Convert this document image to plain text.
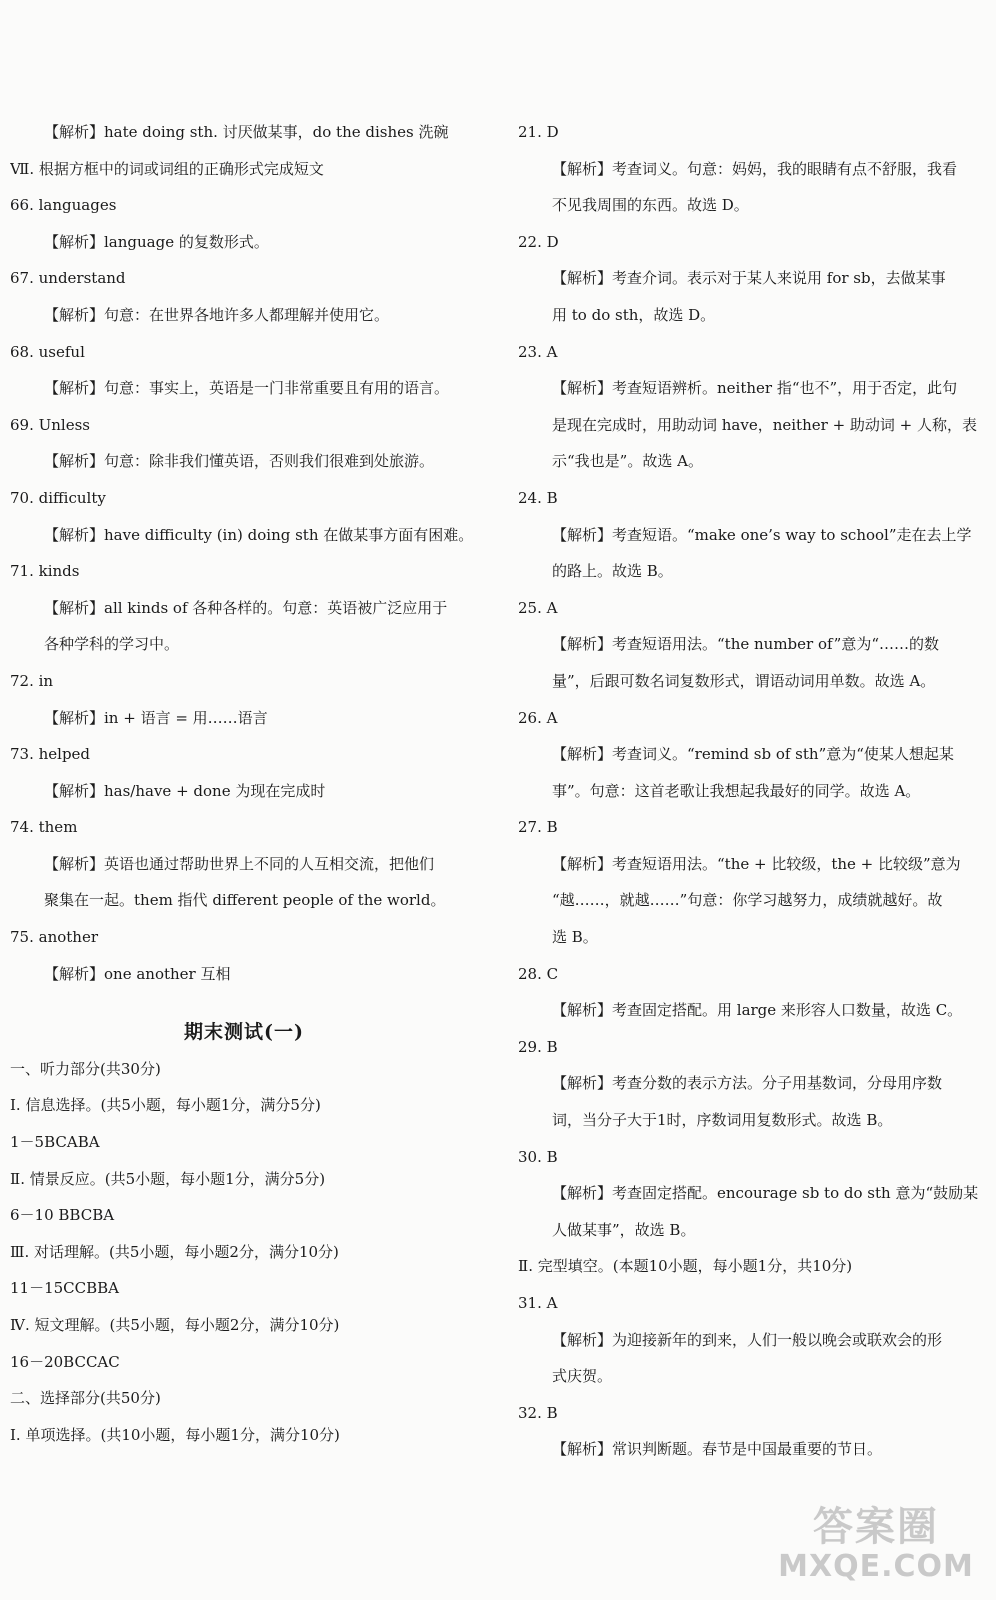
【解析】hate doing sth. 讨厌做某事，do the dishes 洗碗
Ⅶ. 根据方框中的词或词组的正确形式完成短文
66. languages
【解析】language 的复数形式。
67. understand
【解析】句意：在世界各地许多人都理解并使用它。
68. useful
【解析】句意：事实上，英语是一门非常重要且有用的语言。
69. Unless
【解析】句意：除非我们懂英语，否则我们很难到处旅游。
70. difficulty
【解析】have difficulty (in) doing sth 在做某事方面有困难。
71. kinds
【解析】all kinds of 各种各样的。句意：英语被广泛应用于
各种学科的学习中。
72. in
【解析】in + 语言 = 用……语言
73. helped
【解析】has/have + done 为现在完成时
74. them
【解析】英语也通过帮助世界上不同的人互相交流，把他们
聚集在一起。them 指代 different people of the world。
75. another
【解析】one another 互相
期末测试(一)
一、听力部分(共30分)
Ⅰ. 信息选择。(共5小题，每小题1分，满分5分)
1－5BCABA
Ⅱ. 情景反应。(共5小题，每小题1分，满分5分)
6－10 BBCBA
Ⅲ. 对话理解。(共5小题，每小题2分，满分10分)
11－15CCBBA
Ⅳ. 短文理解。(共5小题，每小题2分，满分10分)
16－20BCCAC
二、选择部分(共50分)
Ⅰ. 单项选择。(共10小题，每小题1分，满分10分)
21. D
【解析】考查词义。句意：妈妈，我的眼睛有点不舒服，我看
不见我周围的东西。故选 D。
22. D
【解析】考查介词。表示对于某人来说用 for sb，去做某事
用 to do sth，故选 D。
23. A
【解析】考查短语辨析。neither 指“也不”，用于否定，此句
是现在完成时，用助动词 have，neither + 助动词 + 人称，表
示“我也是”。故选 A。
24. B
【解析】考查短语。“make one’s way to school”走在去上学
的路上。故选 B。
25. A
【解析】考查短语用法。“the number of”意为“……的数
量”，后跟可数名词复数形式，谓语动词用单数。故选 A。
26. A
【解析】考查词义。“remind sb of sth”意为“使某人想起某
事”。句意：这首老歌让我想起我最好的同学。故选 A。
27. B
【解析】考查短语用法。“the + 比较级，the + 比较级”意为
“越……，就越……”句意：你学习越努力，成绩就越好。故
选 B。
28. C
【解析】考查固定搭配。用 large 来形容人口数量，故选 C。
29. B
【解析】考查分数的表示方法。分子用基数词，分母用序数
词，当分子大于1时，序数词用复数形式。故选 B。
30. B
【解析】考查固定搭配。encourage sb to do sth 意为“鼓励某
人做某事”，故选 B。
Ⅱ. 完型填空。(本题10小题，每小题1分，共10分)
31. A
【解析】为迎接新年的到来，人们一般以晚会或联欢会的形
式庆贺。
32. B
【解析】常识判断题。春节是中国最重要的节日。
答案圈
MXQE.COM
